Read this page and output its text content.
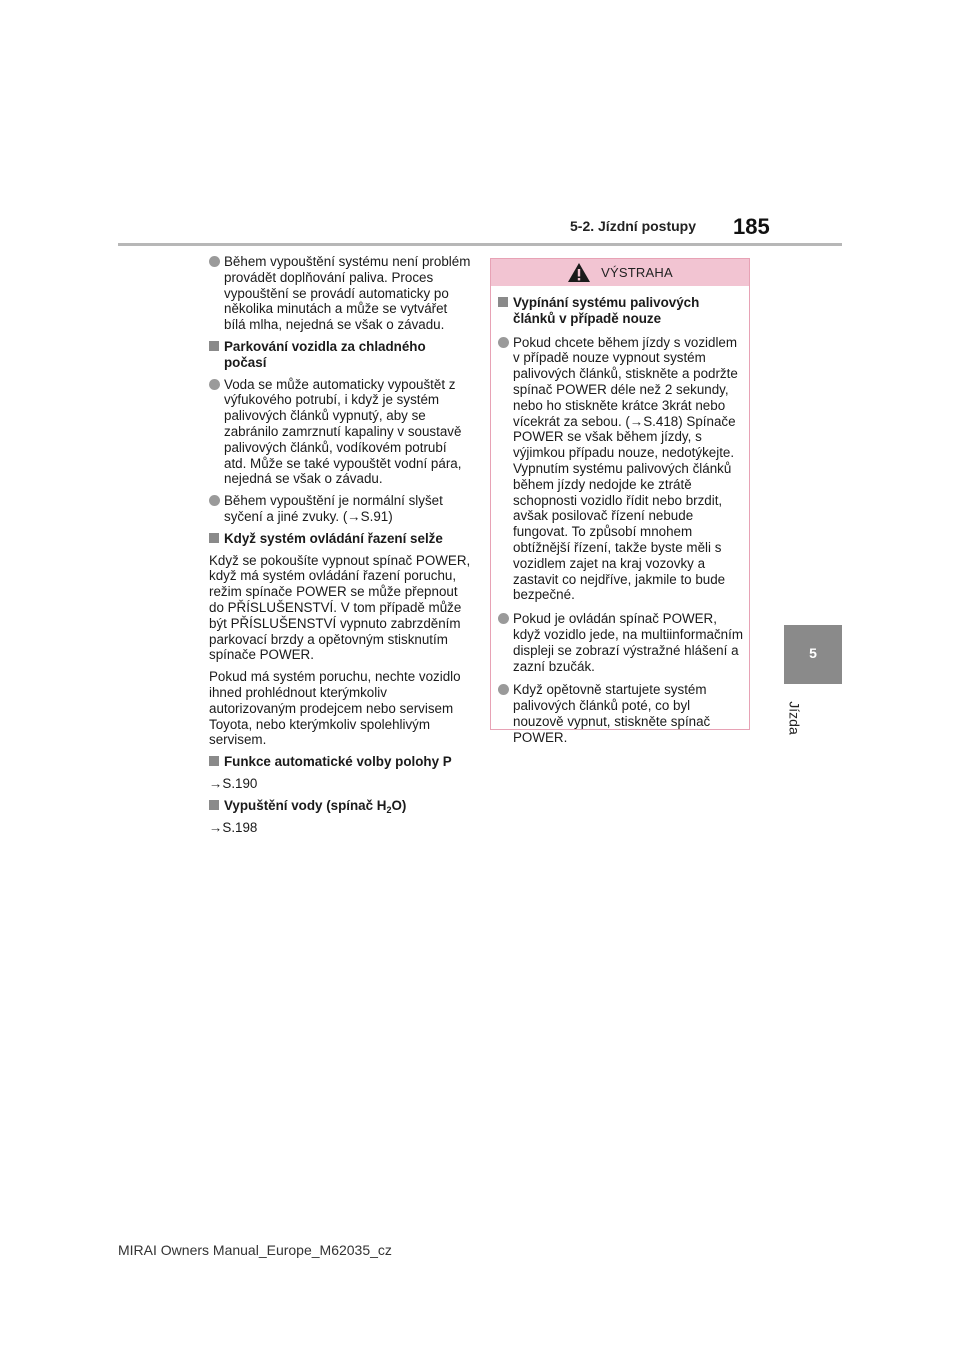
5-2. Jízdní postupy 185
5
Jízda
Během vypouštění systému není problém provádět doplňování paliva. Proces vypouštění se provádí automaticky po několika minutách a může se vytvářet bílá mlha, nejedná se však o závadu.
Parkování vozidla za chladného počasí
Voda se může automaticky vypouštět z výfukového potrubí, i když je systém palivových článků vypnutý, aby se zabránilo zamrznutí kapaliny v soustavě palivových článků, vodíkovém potrubí atd. Může se také vypouštět vodní pára, nejedná se však o závadu.
Během vypouštění je normální slyšet syčení a jiné zvuky. (→S.91)
Když systém ovládání řazení selže
Když se pokoušíte vypnout spínač POWER, když má systém ovládání řazení poruchu, režim spínače POWER se může přepnout do PŘÍSLUŠENSTVÍ. V tom případě může být PŘÍSLUŠENSTVÍ vypnuto zabrzděním parkovací brzdy a opětovným stisknutím spínače POWER.
Pokud má systém poruchu, nechte vozidlo ihned prohlédnout kterýmkoliv autorizovaným prodejcem nebo servisem Toyota, nebo kterýmkoliv spolehlivým servisem.
Funkce automatické volby polohy P
→S.190
Vypuštění vody (spínač $H_2O$)
→S.198
VÝSTRAHA
Vypínání systému palivových článků v případě nouze
Pokud chcete během jízdy s vozidlem v případě nouze vypnout systém palivových článků, stiskněte a podržte spínač POWER déle než 2 sekundy, nebo ho stiskněte krátce 3krát nebo vícekrát za sebou. (→S.418) Spínače POWER se však během jízdy, s výjimkou případu nouze, nedotýkejte. Vypnutím systému palivových článků během jízdy nedojde ke ztrátě schopnosti vozidlo řídit nebo brzdit, avšak posilovač řízení nebude fungovat. To způsobí mnohem obtížnější řízení, takže byste měli s vozidlem zajet na kraj vozovky a zastavit co nejdříve, jakmile to bude bezpečné.
Pokud je ovládán spínač POWER, když vozidlo jede, na multiinformačním displeji se zobrazí výstražné hlášení a zazní bzučák.
Když opětovně startujete systém palivových článků poté, co byl nouzově vypnut, stiskněte spínač POWER.
MIRAI Owners Manual_Europe_M62035_cz
